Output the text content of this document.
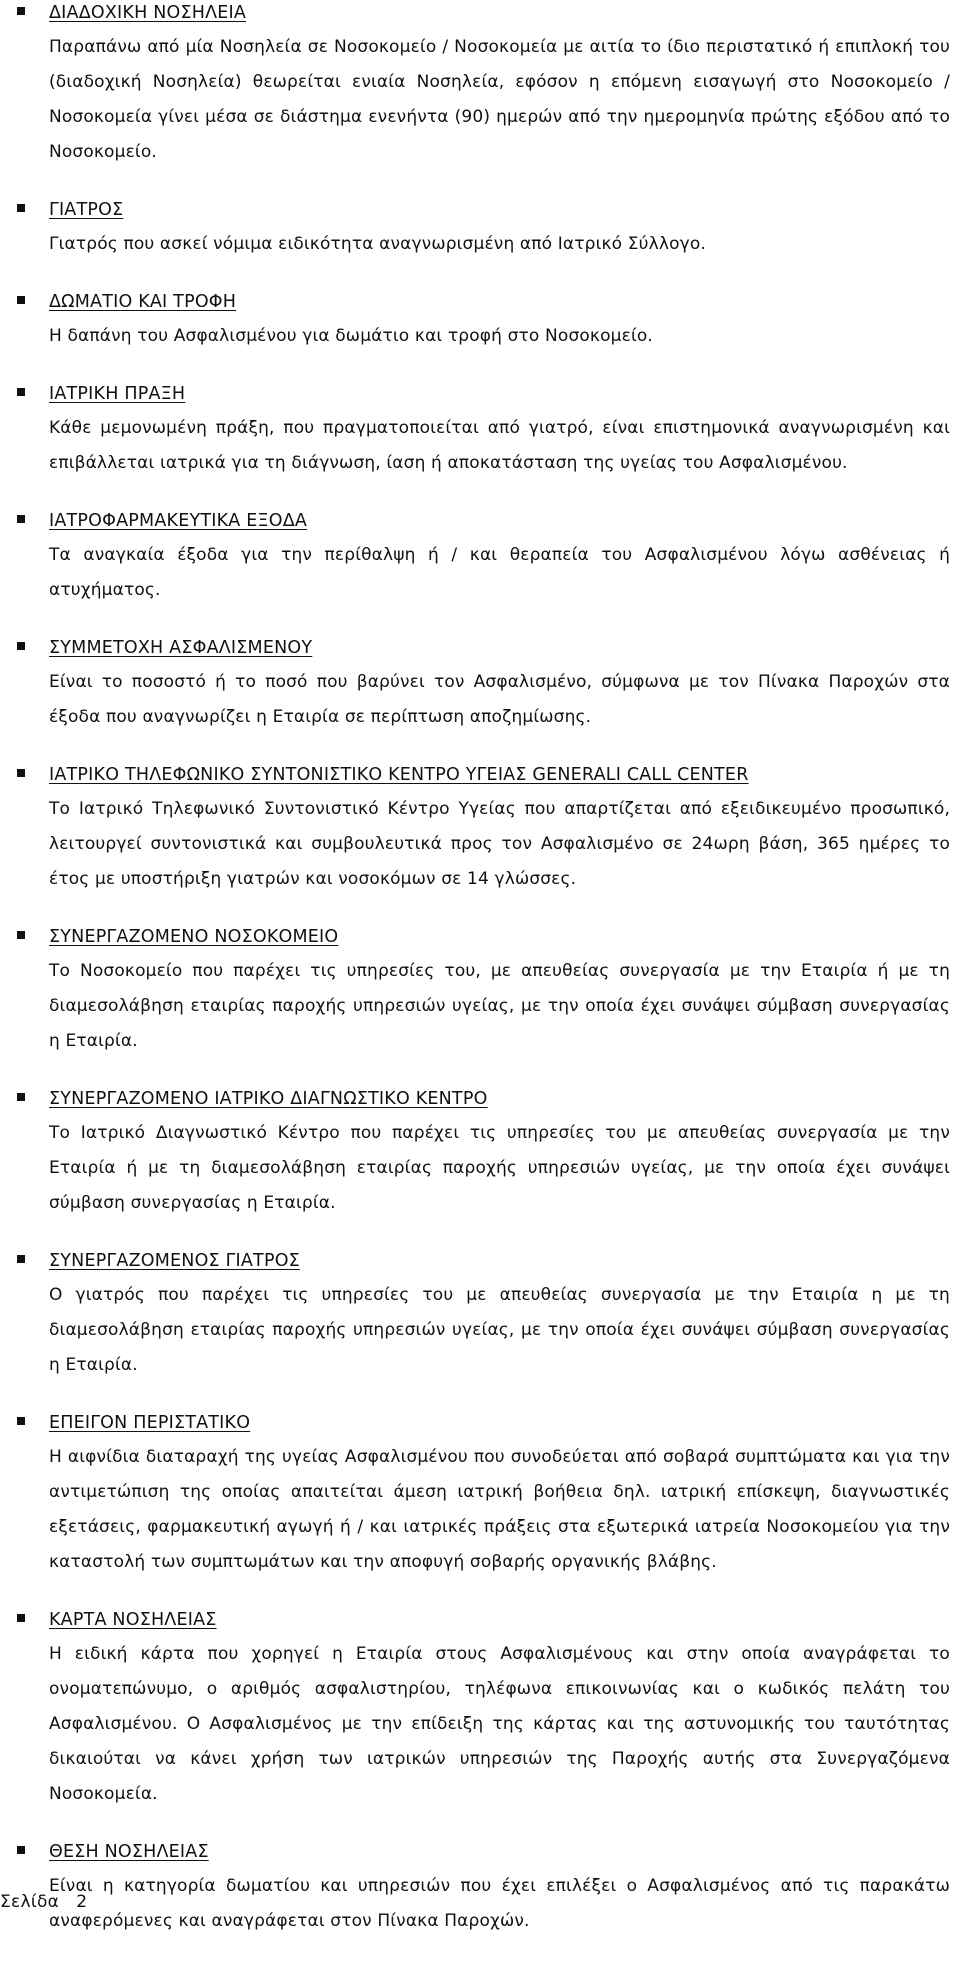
ΔΙΑΔΟΧΙΚΗ ΝΟΣΗΛΕΙΑ

Παραπάνω από μία Νοσηλεία σε Νοσοκομείο / Νοσοκομεία με αιτία το ίδιο περιστατικό ή επιπλοκή του (διαδοχική Νοσηλεία) θεωρείται ενιαία Νοσηλεία, εφόσον η επόμενη εισαγωγή στο Νοσοκομείο / Νοσοκομεία γίνει μέσα σε διάστημα ενενήντα (90) ημερών από την ημερομηνία πρώτης εξόδου από το Νοσοκομείο.

ΓΙΑΤΡΟΣ

Γιατρός που ασκεί νόμιμα ειδικότητα αναγνωρισμένη από Ιατρικό Σύλλογο.

ΔΩΜΑΤΙΟ ΚΑΙ ΤΡΟΦΗ

Η δαπάνη του Ασφαλισμένου για δωμάτιο και τροφή στο Νοσοκομείο.

ΙΑΤΡΙΚΗ ΠΡΑΞΗ

Κάθε μεμονωμένη πράξη, που πραγματοποιείται από γιατρό, είναι επιστημονικά αναγνωρισμένη και επιβάλλεται ιατρικά για τη διάγνωση, ίαση ή αποκατάσταση της υγείας του Ασφαλισμένου.

ΙΑΤΡΟΦΑΡΜΑΚΕΥΤΙΚΑ ΕΞΟΔΑ

Τα αναγκαία έξοδα για την περίθαλψη ή / και θεραπεία του Ασφαλισμένου λόγω ασθένειας ή ατυχήματος.

ΣΥΜΜΕΤΟΧΗ ΑΣΦΑΛΙΣΜΕΝΟΥ

Είναι το ποσοστό ή το ποσό που βαρύνει τον Ασφαλισμένο, σύμφωνα με τον Πίνακα Παροχών στα έξοδα που αναγνωρίζει η Εταιρία σε περίπτωση αποζημίωσης.

ΙΑΤΡΙΚΟ ΤΗΛΕΦΩΝΙΚΟ ΣΥΝΤΟΝΙΣΤΙΚΟ ΚΕΝΤΡΟ ΥΓΕΙΑΣ GENERALI CALL CENTER

Το Ιατρικό Τηλεφωνικό Συντονιστικό Κέντρο Υγείας που απαρτίζεται από εξειδικευμένο προσωπικό, λειτουργεί συντονιστικά και συμβουλευτικά προς τον Ασφαλισμένο σε 24ωρη βάση, 365 ημέρες το έτος με υποστήριξη γιατρών και νοσοκόμων σε 14 γλώσσες.

ΣΥΝΕΡΓΑΖΟΜΕΝΟ ΝΟΣΟΚΟΜΕΙΟ

Το Νοσοκομείο που παρέχει τις υπηρεσίες του, με απευθείας συνεργασία με την Εταιρία ή με τη διαμεσολάβηση εταιρίας παροχής υπηρεσιών υγείας, με την οποία έχει συνάψει σύμβαση συνεργασίας η Εταιρία.

ΣΥΝΕΡΓΑΖΟΜΕΝΟ ΙΑΤΡΙΚΟ ΔΙΑΓΝΩΣΤΙΚΟ ΚΕΝΤΡΟ

Το Ιατρικό Διαγνωστικό Κέντρο που παρέχει τις υπηρεσίες του με απευθείας συνεργασία με την Εταιρία ή με τη διαμεσολάβηση εταιρίας παροχής υπηρεσιών υγείας, με την οποία έχει συνάψει σύμβαση συνεργασίας η Εταιρία.

ΣΥΝΕΡΓΑΖΟΜΕΝΟΣ ΓΙΑΤΡΟΣ

Ο γιατρός που παρέχει τις υπηρεσίες του με απευθείας συνεργασία με την Εταιρία η με τη διαμεσολάβηση εταιρίας παροχής υπηρεσιών υγείας, με την οποία έχει συνάψει σύμβαση συνεργασίας η Εταιρία.

ΕΠΕΙΓΟΝ ΠΕΡΙΣΤΑΤΙΚΟ

Η αιφνίδια διαταραχή της υγείας Ασφαλισμένου που συνοδεύεται από σοβαρά συμπτώματα και για την αντιμετώπιση της οποίας απαιτείται άμεση ιατρική βοήθεια δηλ. ιατρική επίσκεψη, διαγνωστικές εξετάσεις, φαρμακευτική αγωγή ή / και ιατρικές πράξεις στα εξωτερικά ιατρεία Νοσοκομείου για την καταστολή των συμπτωμάτων και την αποφυγή σοβαρής οργανικής βλάβης.

ΚΑΡΤΑ ΝΟΣΗΛΕΙΑΣ

Η ειδική κάρτα που χορηγεί η Εταιρία στους Ασφαλισμένους και στην οποία αναγράφεται το ονοματεπώνυμο, ο αριθμός ασφαλιστηρίου, τηλέφωνα επικοινωνίας και ο κωδικός πελάτη του Ασφαλισμένου. Ο Ασφαλισμένος με την επίδειξη της κάρτας και της αστυνομικής του ταυτότητας δικαιούται να κάνει χρήση των ιατρικών υπηρεσιών της Παροχής αυτής στα Συνεργαζόμενα Νοσοκομεία.

ΘΕΣΗ ΝΟΣΗΛΕΙΑΣ

Είναι η κατηγορία δωματίου και υπηρεσιών που έχει επιλέξει ο Ασφαλισμένος από τις παρακάτω αναφερόμενες και αναγράφεται στον Πίνακα Παροχών.

Σελίδα 2
